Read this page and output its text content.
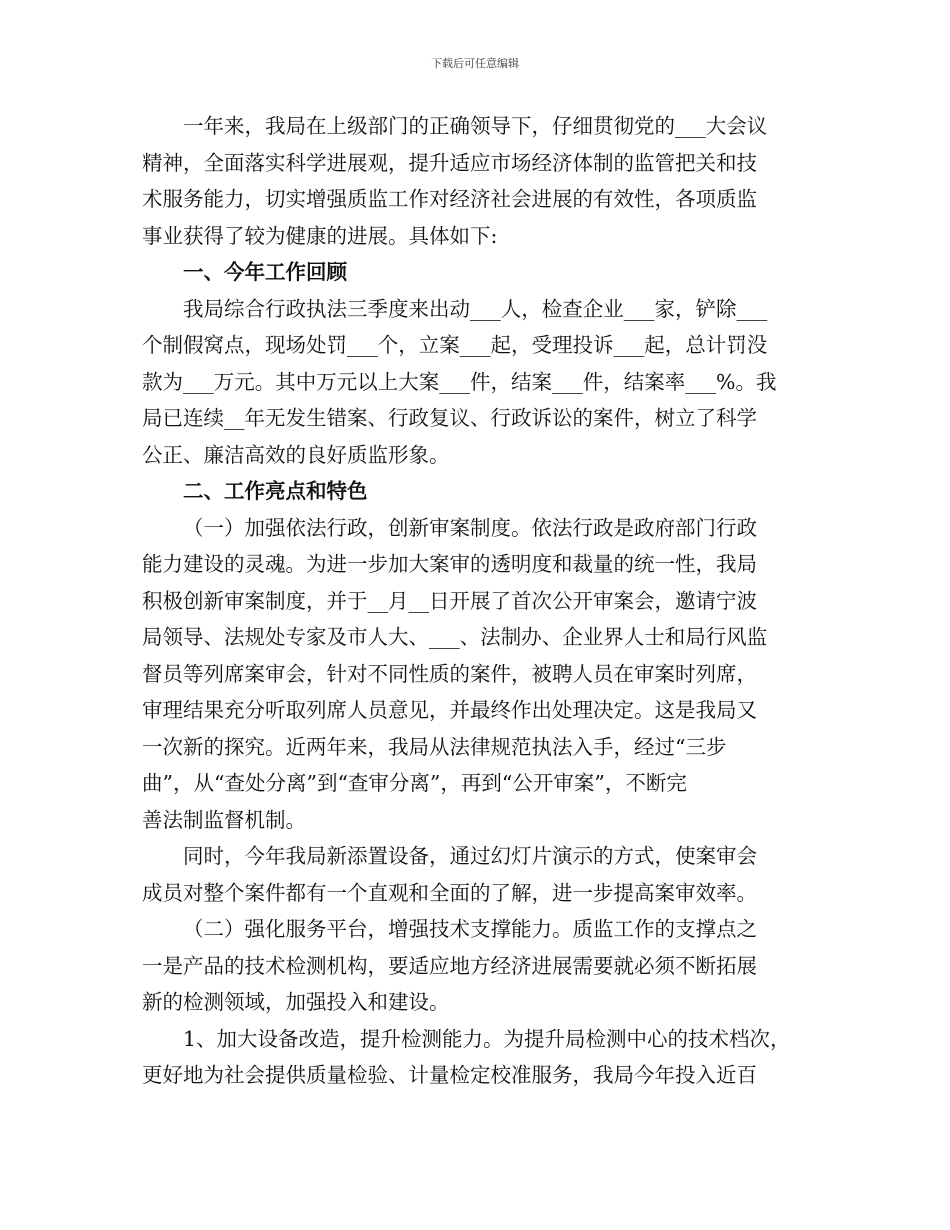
下载后可任意编辑

一年来，我局在上级部门的正确领导下，仔细贯彻党的___大会议
精神，全面落实科学进展观，提升适应市场经济体制的监管把关和技
术服务能力，切实增强质监工作对经济社会进展的有效性，各项质监
事业获得了较为健康的进展。具体如下:

一、今年工作回顾

我局综合行政执法三季度来出动___人，检查企业___家，铲除___
个制假窝点，现场处罚___个，立案___起，受理投诉___起，总计罚没
款为___万元。其中万元以上大案___件，结案___件，结案率___%。我
局已连续__年无发生错案、行政复议、行政诉讼的案件，树立了科学
公正、廉洁高效的良好质监形象。

二、工作亮点和特色

（一）加强依法行政，创新审案制度。依法行政是政府部门行政
能力建设的灵魂。为进一步加大案审的透明度和裁量的统一性，我局
积极创新审案制度，并于__月__日开展了首次公开审案会，邀请宁波
局领导、法规处专家及市人大、___、法制办、企业界人士和局行风监
督员等列席案审会，针对不同性质的案件，被聘人员在审案时列席，
审理结果充分听取列席人员意见，并最终作出处理决定。这是我局又
一次新的探究。近两年来，我局从法律规范执法入手，经过“三步
曲”，从“查处分离”到“查审分离”，再到“公开审案”，不断完
善法制监督机制。

同时，今年我局新添置设备，通过幻灯片演示的方式，使案审会
成员对整个案件都有一个直观和全面的了解，进一步提高案审效率。

（二）强化服务平台，增强技术支撑能力。质监工作的支撑点之
一是产品的技术检测机构，要适应地方经济进展需要就必须不断拓展
新的检测领域，加强投入和建设。

1、加大设备改造，提升检测能力。为提升局检测中心的技术档次，
更好地为社会提供质量检验、计量检定校准服务，我局今年投入近百
